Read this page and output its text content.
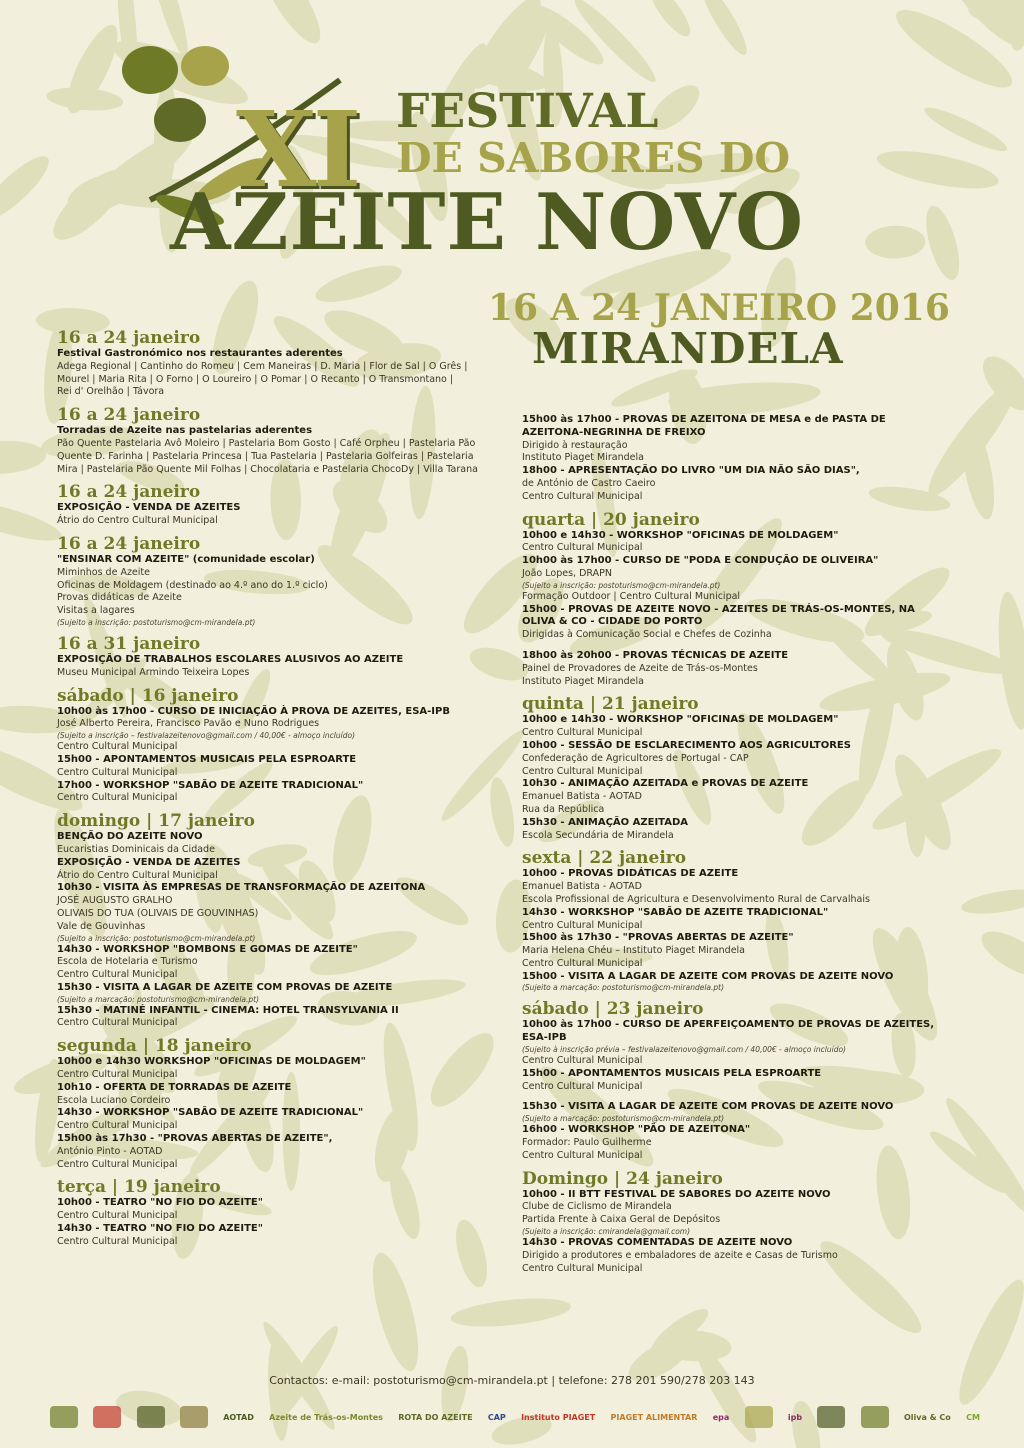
XI FESTIVAL
DE SABORES DO
AZEITE NOVO
16 A 24 JANEIRO 2016
MIRANDELA
16 a 24 janeiro
Festival Gastronómico nos restaurantes aderentes
Adega Regional | Cantinho do Romeu | Cem Maneiras | D. Maria | Flor de Sal | O Grês |
Mourel | Maria Rita | O Forno | O Loureiro | O Pomar | O Recanto | O Transmontano |
Rei d' Orelhão | Távora
16 a 24 janeiro
Torradas de Azeite nas pastelarias aderentes
Pão Quente Pastelaria Avô Moleiro | Pastelaria Bom Gosto | Café Orpheu | Pastelaria Pão
Quente D. Farinha | Pastelaria Princesa | Tua Pastelaria | Pastelaria Golfeiras | Pastelaria
Mira | Pastelaria Pão Quente Mil Folhas | Chocolataria e Pastelaria ChocoDy | Villa Tarana
16 a 24 janeiro
EXPOSIÇÃO - VENDA DE AZEITES
Átrio do Centro Cultural Municipal
16 a 24 janeiro
"ENSINAR COM AZEITE" (comunidade escolar)
Miminhos de Azeite
Oficinas de Moldagem (destinado ao 4.º ano do 1.º ciclo)
Provas didáticas de Azeite
Visitas a lagares
(Sujeito a inscrição: postoturismo@cm-mirandela.pt)
16 a 31 janeiro
EXPOSIÇÃO DE TRABALHOS ESCOLARES ALUSIVOS AO AZEITE
Museu Municipal Armindo Teixeira Lopes
sábado | 16 janeiro
10h00 às 17h00 - CURSO DE INICIAÇÃO À PROVA DE AZEITES, ESA-IPB
José Alberto Pereira, Francisco Pavão e Nuno Rodrigues
(Sujeito a inscrição – festivalazeitenovo@gmail.com / 40,00€ - almoço incluído)
Centro Cultural Municipal
15h00 - APONTAMENTOS MUSICAIS PELA ESPROARTE
Centro Cultural Municipal
17h00 - WORKSHOP "SABÃO DE AZEITE TRADICIONAL"
Centro Cultural Municipal
domingo | 17 janeiro
BENÇÃO DO AZEITE NOVO
Eucaristias Dominicais da Cidade
EXPOSIÇÃO - VENDA DE AZEITES
Átrio do Centro Cultural Municipal
10h30 - VISITA ÀS EMPRESAS DE TRANSFORMAÇÃO DE AZEITONA
JOSÉ AUGUSTO GRALHO
OLIVAIS DO TUA (OLIVAIS DE GOUVINHAS)
Vale de Gouvinhas
(Sujeito a inscrição: postoturismo@cm-mirandela.pt)
14h30 - WORKSHOP "BOMBONS E GOMAS DE AZEITE"
Escola de Hotelaria e Turismo
Centro Cultural Municipal
15h30 - VISITA A LAGAR DE AZEITE COM PROVAS DE AZEITE
(Sujeito a marcação: postoturismo@cm-mirandela.pt)
15h30 - MATINÉ INFANTIL - CINEMA: HOTEL TRANSYLVANIA II
Centro Cultural Municipal
segunda | 18 janeiro
10h00 e 14h30 WORKSHOP "OFICINAS DE MOLDAGEM"
Centro Cultural Municipal
10h10 - OFERTA DE TORRADAS DE AZEITE
Escola Luciano Cordeiro
14h30 - WORKSHOP "SABÃO DE AZEITE TRADICIONAL"
Centro Cultural Municipal
15h00 às 17h30 - "PROVAS ABERTAS DE AZEITE",
António Pinto - AOTAD
Centro Cultural Municipal
terça | 19 janeiro
10h00 - TEATRO "NO FIO DO AZEITE"
Centro Cultural Municipal
14h30 - TEATRO "NO FIO DO AZEITE"
Centro Cultural Municipal
15h00 às 17h00 - PROVAS DE AZEITONA DE MESA e de PASTA DE
AZEITONA-NEGRINHA DE FREIXO
Dirigido à restauração
Instituto Piaget Mirandela
18h00 - APRESENTAÇÃO DO LIVRO "UM DIA NÃO SÃO DIAS",
de António de Castro Caeiro
Centro Cultural Municipal
quarta | 20 janeiro
10h00 e 14h30 - WORKSHOP "OFICINAS DE MOLDAGEM"
Centro Cultural Municipal
10h00 às 17h00 - CURSO DE "PODA E CONDUÇÃO DE OLIVEIRA"
João Lopes, DRAPN
(Sujeito a inscrição: postoturismo@cm-mirandela.pt)
Formação Outdoor | Centro Cultural Municipal
15h00 - PROVAS DE AZEITE NOVO - AZEITES DE TRÁS-OS-MONTES, NA
OLIVA & CO - CIDADE DO PORTO
Dirigidas à Comunicação Social e Chefes de Cozinha
18h00 às 20h00 - PROVAS TÉCNICAS DE AZEITE
Painel de Provadores de Azeite de Trás-os-Montes
Instituto Piaget Mirandela
quinta | 21 janeiro
10h00 e 14h30 - WORKSHOP "OFICINAS DE MOLDAGEM"
Centro Cultural Municipal
10h00 - SESSÃO DE ESCLARECIMENTO AOS AGRICULTORES
Confederação de Agricultores de Portugal - CAP
Centro Cultural Municipal
10h30 - ANIMAÇÃO AZEITADA e PROVAS DE AZEITE
Emanuel Batista - AOTAD
Rua da República
15h30 - ANIMAÇÃO AZEITADA
Escola Secundária de Mirandela
sexta | 22 janeiro
10h00 - PROVAS DIDÁTICAS DE AZEITE
Emanuel Batista - AOTAD
Escola Profissional de Agricultura e Desenvolvimento Rural de Carvalhais
14h30 - WORKSHOP "SABÃO DE AZEITE TRADICIONAL"
Centro Cultural Municipal
15h00 às 17h30 - "PROVAS ABERTAS DE AZEITE"
Maria Helena Chéu – Instituto Piaget Mirandela
Centro Cultural Municipal
15h00 - VISITA A LAGAR DE AZEITE COM PROVAS DE AZEITE NOVO
(Sujeito a marcação: postoturismo@cm-mirandela.pt)
sábado | 23 janeiro
10h00 às 17h00 - CURSO DE APERFEIÇOAMENTO DE PROVAS DE AZEITES,
ESA-IPB
(Sujeito à inscrição prévia – festivalazeitenovo@gmail.com / 40,00€ - almoço incluído)
Centro Cultural Municipal
15h00 - APONTAMENTOS MUSICAIS PELA ESPROARTE
Centro Cultural Municipal
15h30 - VISITA A LAGAR DE AZEITE COM PROVAS DE AZEITE NOVO
(Sujeito a marcação: postoturismo@cm-mirandela.pt)
16h00 - WORKSHOP "PÃO DE AZEITONA"
Formador: Paulo Guilherme
Centro Cultural Municipal
Domingo | 24 janeiro
10h00 - II BTT FESTIVAL DE SABORES DO AZEITE NOVO
Clube de Ciclismo de Mirandela
Partida Frente à Caixa Geral de Depósitos
(Sujeito a inscrição: cmirandela@gmail.com)
14h30 - PROVAS COMENTADAS DE AZEITE NOVO
Dirigido a produtores e embaladores de azeite e Casas de Turismo
Centro Cultural Municipal
Contactos: e-mail: postoturismo@cm-mirandela.pt | telefone: 278 201 590/278 203 143
AOTAD Azeite de Trás-os-Montes ROTA DO AZEITE CAP Instituto PIAGET PIAGET ALIMENTAR epa	ipb	Oliva & Co CM
